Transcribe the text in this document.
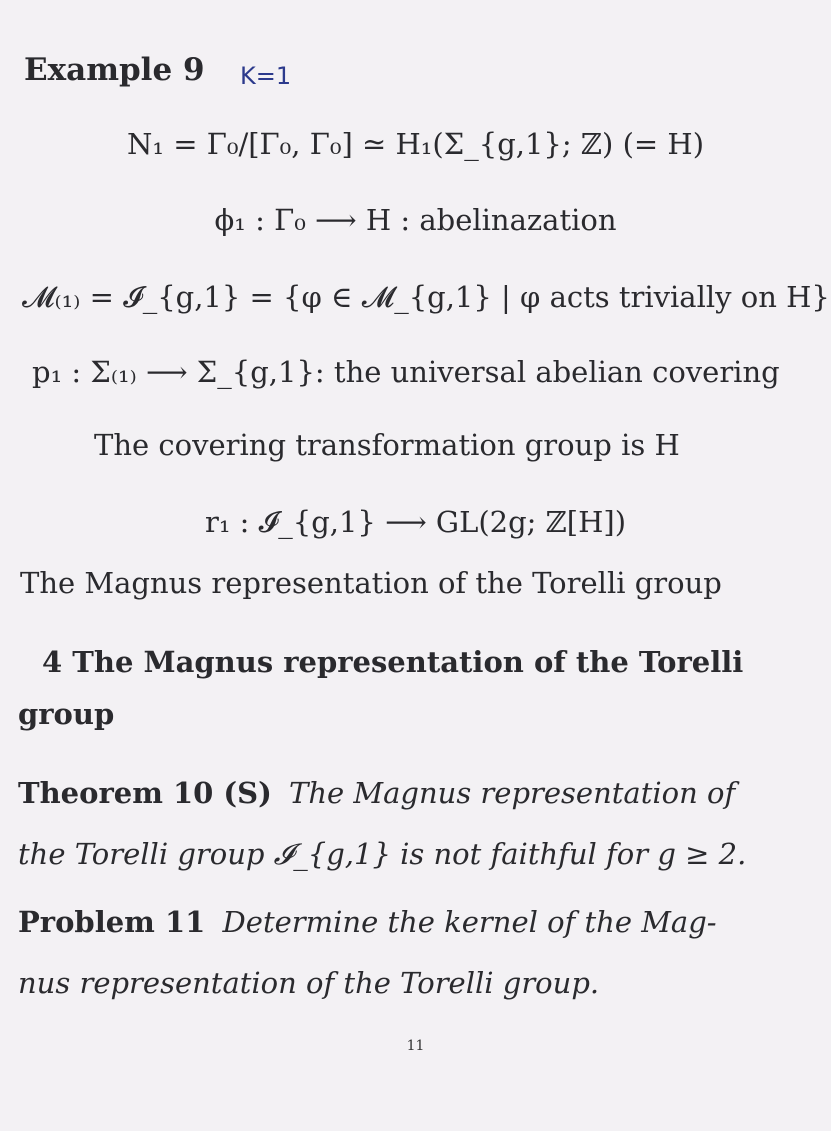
Example 9 K=1
N₁ = Γ₀/[Γ₀, Γ₀] ≃ H₁(Σ_{g,1}; ℤ) (= H)
ϕ₁ : Γ₀ ⟶ H : abelinazation
𝓜₍₁₎ = 𝓘_{g,1} = {φ ∈ 𝓜_{g,1} | φ acts trivially on H}
p₁ : Σ₍₁₎ ⟶ Σ_{g,1}: the universal abelian covering
The covering transformation group is H
r₁ : 𝓘_{g,1} ⟶ GL(2g; ℤ[H])
The Magnus representation of the Torelli group
4 The Magnus representation of the Torelli
group
Theorem 10 (S) The Magnus representation of
the Torelli group 𝓘_{g,1} is not faithful for g ≥ 2.
Problem 11 Determine the kernel of the Mag-
nus representation of the Torelli group.
11
